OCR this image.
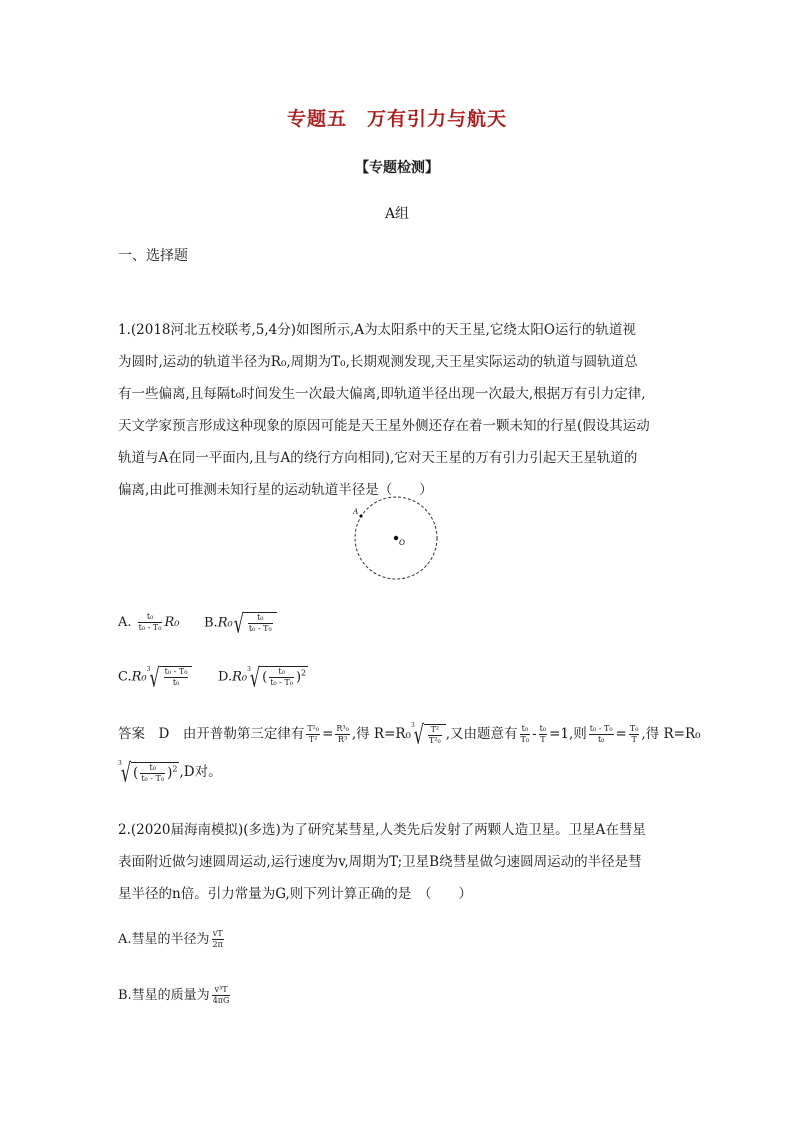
专题五　万有引力与航天
【专题检测】
A组
一、选择题
1.(2018河北五校联考,5,4分)如图所示,A为太阳系中的天王星,它绕太阳O运行的轨道视
为圆时,运动的轨道半径为R₀,周期为T₀,长期观测发现,天王星实际运动的轨道与圆轨道总
有一些偏离,且每隔t₀时间发生一次最大偏离,即轨道半径出现一次最大,根据万有引力定律,
天文学家预言形成这种现象的原因可能是天王星外侧还存在着一颗未知的行星(假设其运动
轨道与A在同一平面内,且与A的绕行方向相同),它对天王星的万有引力引起天王星轨道的
偏离,由此可推测未知行星的运动轨道半径是（　　）
A
O
A. $\frac{\text{t₀}}{\text{t₀ - T₀}} R_0$ $B.R_0√ \frac{\text{t₀}}{\text{t₀ - T₀}}$
$C.R_0^3√ \frac{\text{t₀ - T₀}}{\text{t₀}} D.R_0^3√$ ( $\frac{\text{t₀}}{\text{t₀ - T₀}} )^2$
答案　D　由开普勒第三定律有 $\frac{\text{T²₀}}{\text{T²}} = \frac{\text{R³₀}}{\text{R³}}$ ,得 $R=R_0^3√ \frac{\text{T²}}{\text{T²₀}}$ ,又由题意有 $\frac{\text{t₀}}{\text{T₀}} - \frac{\text{t₀}}{T} =1$,则 $\frac{\text{t₀ - T₀}}{\text{t₀}} = \frac{\text{T₀}}{T}$ ,得 R=R₀
$^3$√ ( $\frac{\text{t₀}}{\text{t₀ - T₀}} )^2$ ,D对。
2.(2020届海南模拟)(多选)为了研究某彗星,人类先后发射了两颗人造卫星。卫星A在彗星
表面附近做匀速圆周运动,运行速度为v,周期为T;卫星B绕彗星做匀速圆周运动的半径是彗
星半径的n倍。引力常量为G,则下列计算正确的是　（　　）
A.彗星的半径为 $\frac{vT}{2\pi}$
B.彗星的质量为 $\frac{\text{v³T}}{4\pi G}$
